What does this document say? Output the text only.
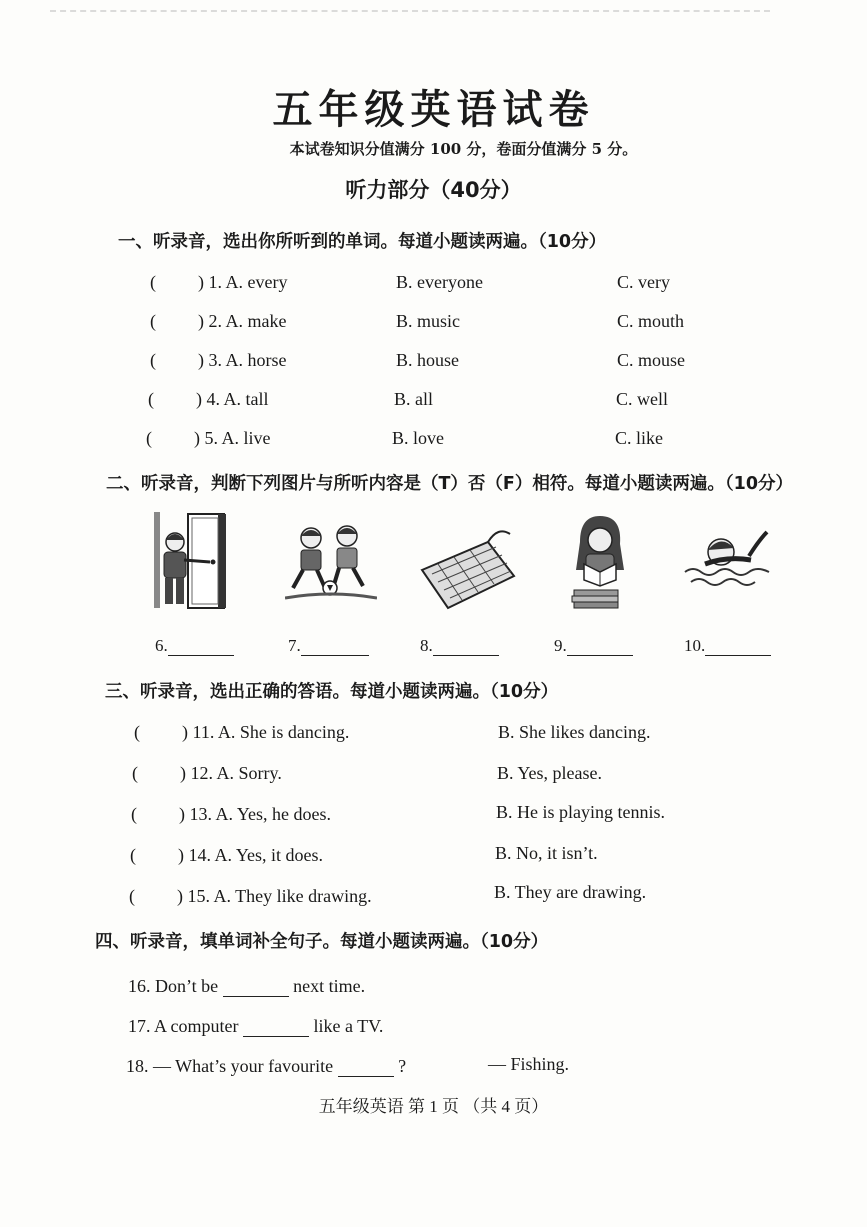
五年级英语试卷
本试卷知识分值满分 100 分，卷面分值满分 5 分。
听力部分（40分）
一、听录音，选出你所听到的单词。每道小题读两遍。（10分）
( ) 1. A. every	B. everyone	C. very
( ) 2. A. make	B. music	C. mouth
( ) 3. A. horse	B. house	C. mouse
( ) 4. A. tall	B. all	C. well
( ) 5. A. live	B. love	C. like
二、听录音，判断下列图片与所听内容是（T）否（F）相符。每道小题读两遍。（10分）
6.	7.	8.	9.	10.
三、听录音，选出正确的答语。每道小题读两遍。（10分）
( ) 11. A. She is dancing.	B. She likes dancing.
( ) 12. A. Sorry.	B. Yes, please.
( ) 13. A. Yes, he does.	B. He is playing tennis.
( ) 14. A. Yes, it does.	B. No, it isn’t.
( ) 15. A. They like drawing.	B. They are drawing.
四、听录音，填单词补全句子。每道小题读两遍。（10分）
16. Don’t be	next time.
17. A computer	like a TV.
18. — What’s your favourite	?	— Fishing.
五年级英语 第 1 页 （共 4 页）
